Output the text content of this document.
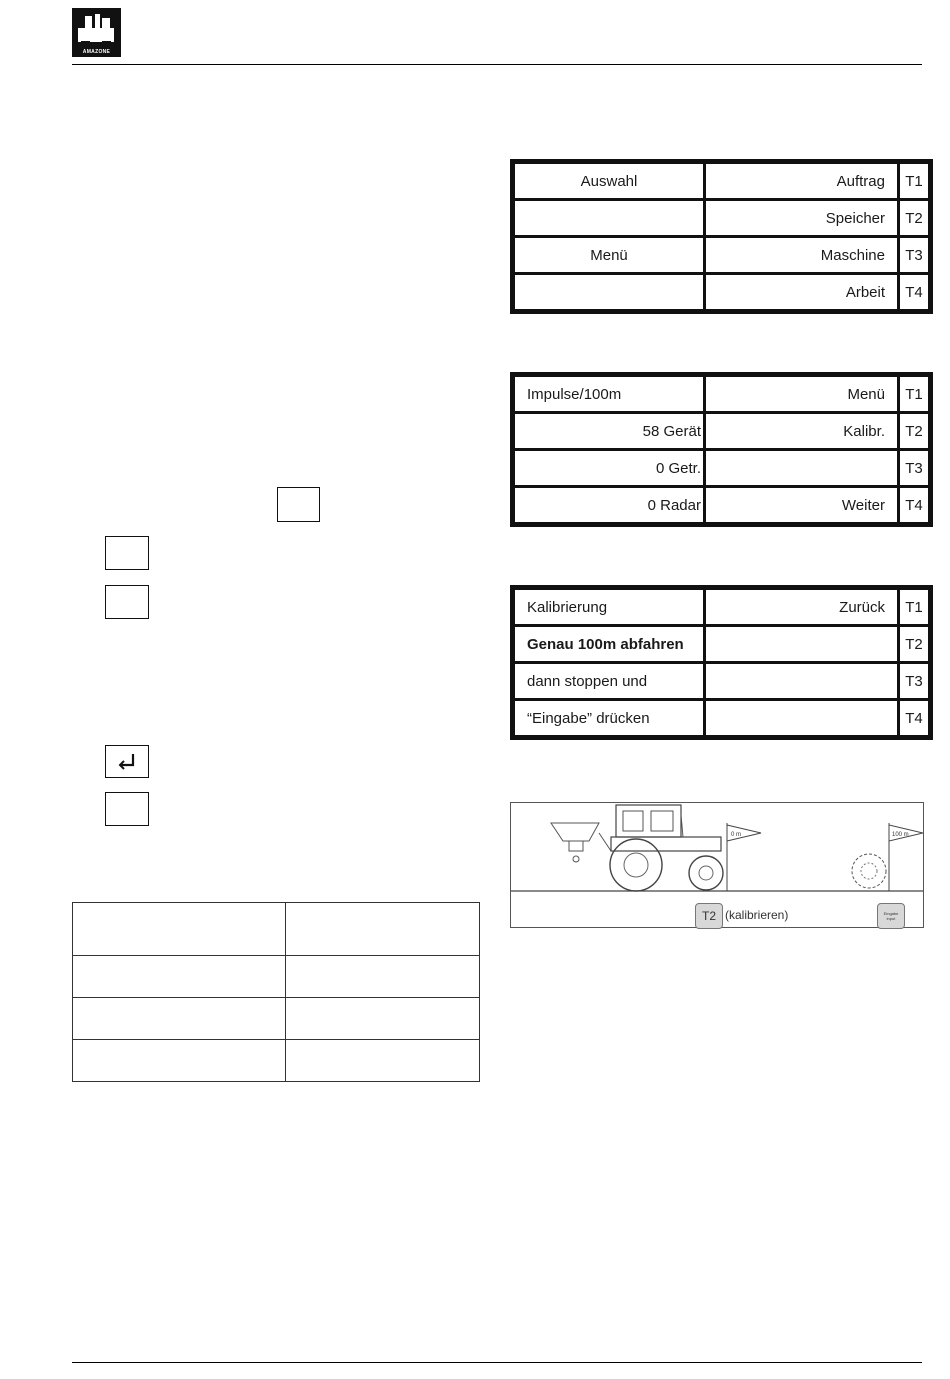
AMAZONE
Auswahl	Auftrag	T1
	Speicher	T2
Menü	Maschine	T3
	Arbeit	T4
Impulse/100m	Menü	T1
58 Gerät	Kalibr.	T2
0 Getr.		T3
0 Radar	Weiter	T4
Kalibrierung	Zurück	T1
Genau 100m abfahren		T2
dann stoppen und		T3
“Eingabe” drücken		T4

0 m	100 m
T2 (kalibrieren)	Eingabe
input
